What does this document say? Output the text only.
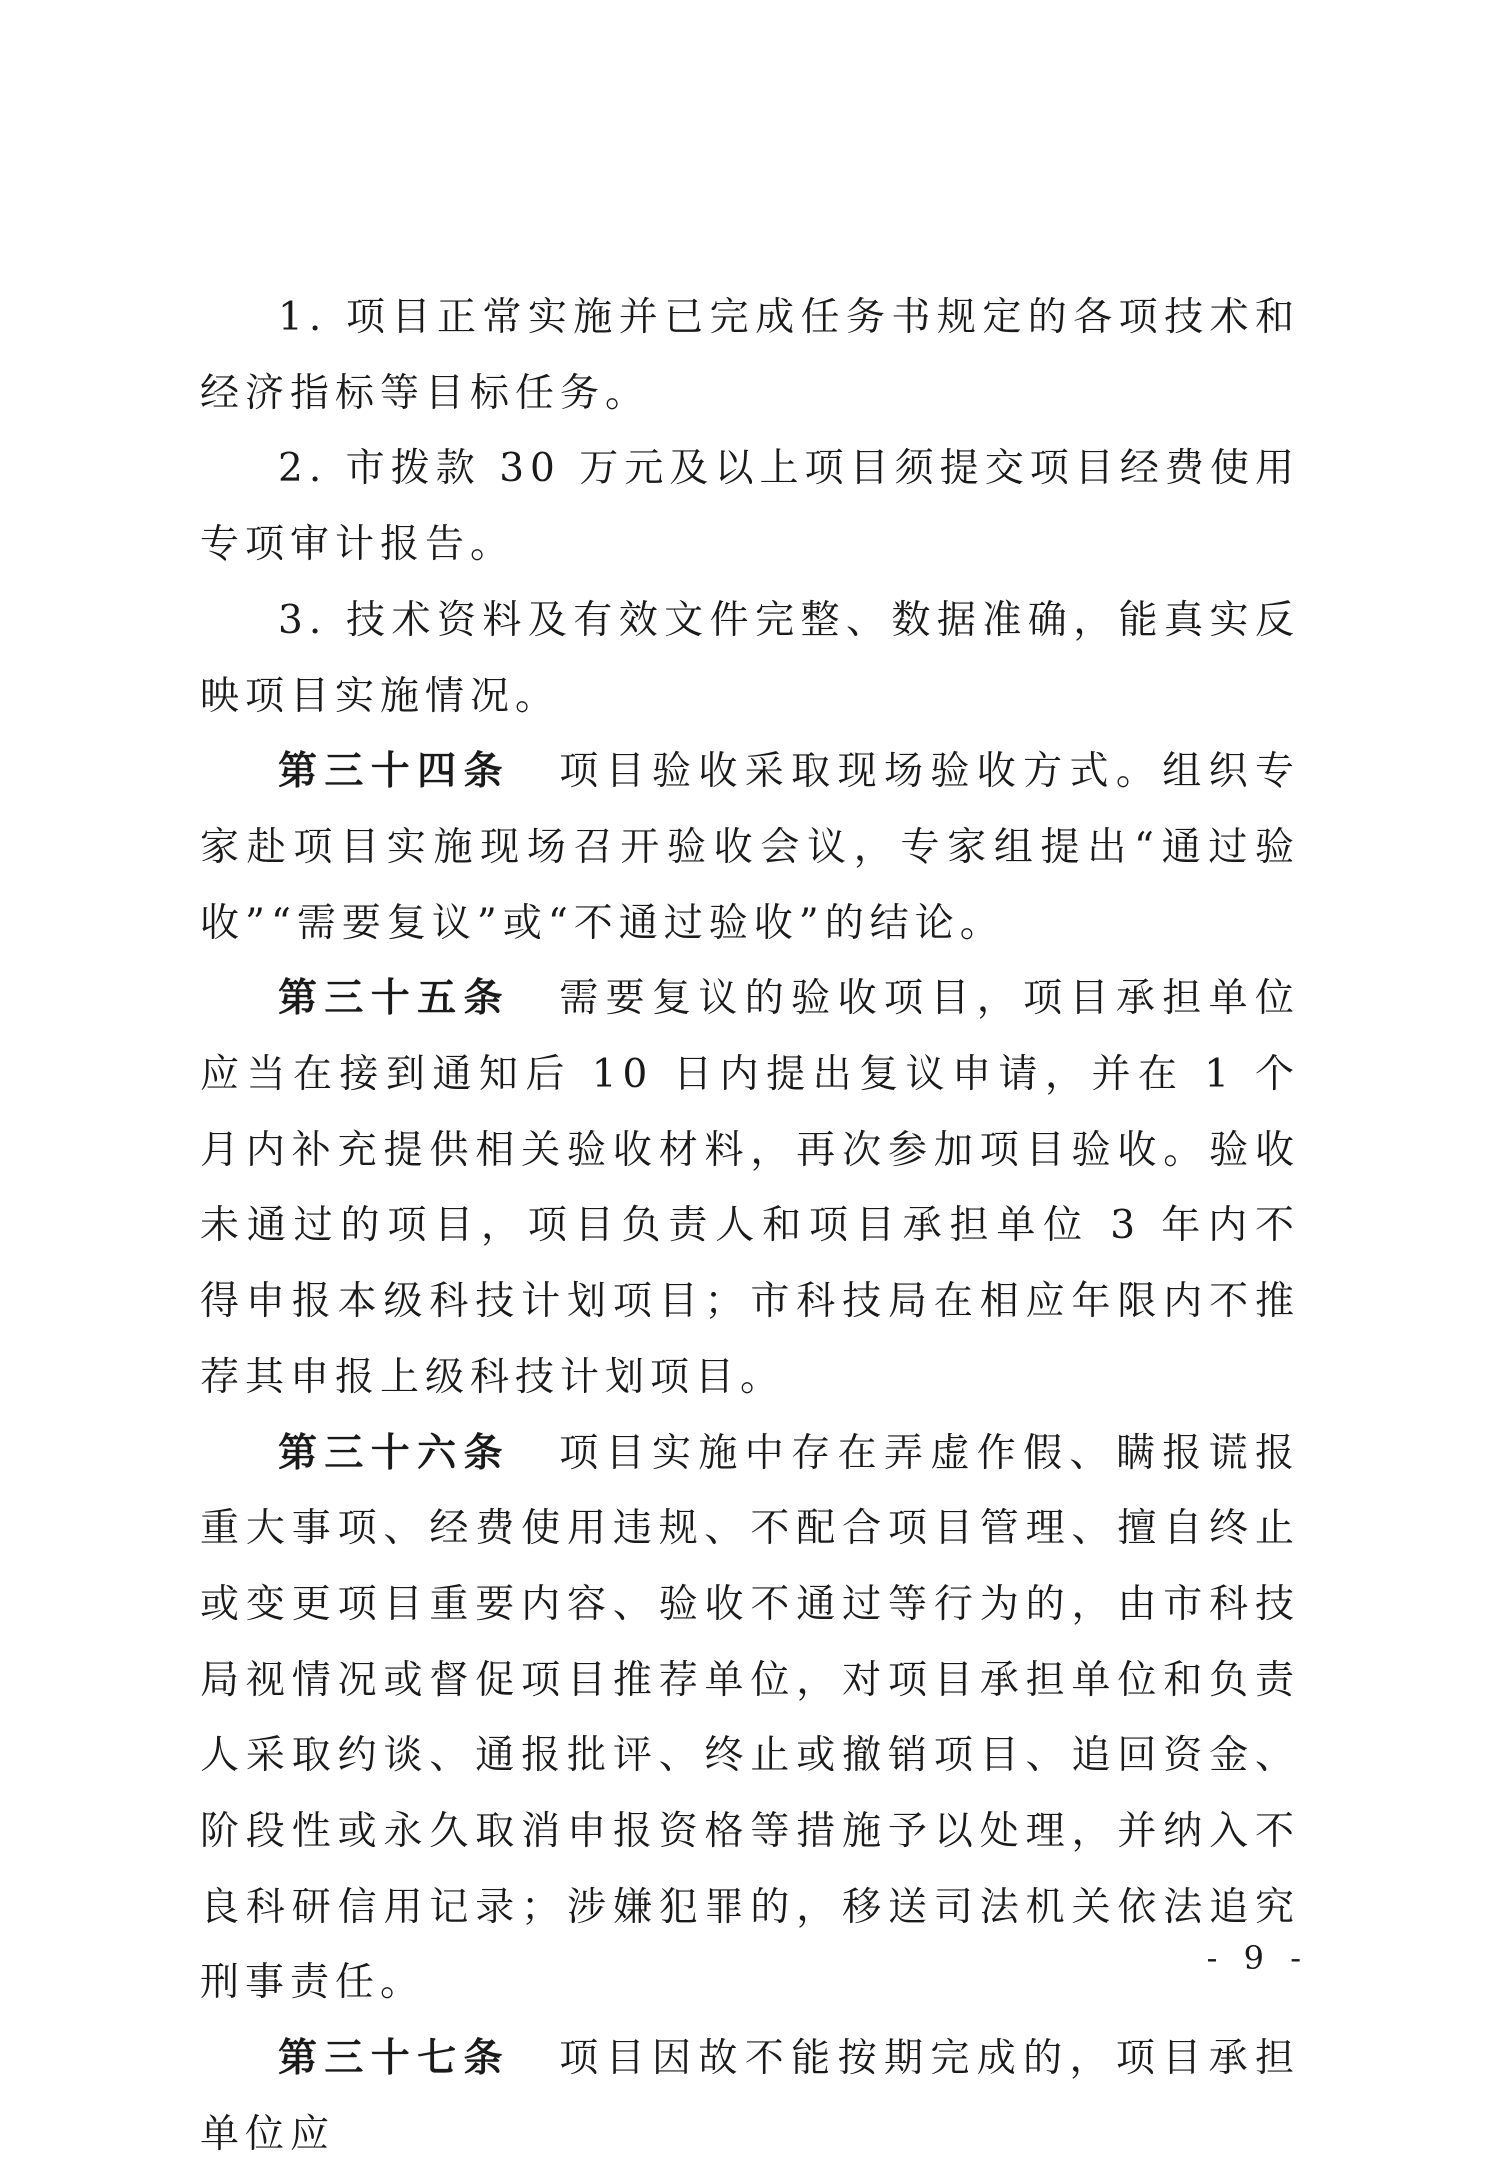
1. 项目正常实施并已完成任务书规定的各项技术和经济指标等目标任务。

2. 市拨款 30 万元及以上项目须提交项目经费使用专项审计报告。

3. 技术资料及有效文件完整、数据准确，能真实反映项目实施情况。

第三十四条 项目验收采取现场验收方式。组织专家赴项目实施现场召开验收会议，专家组提出“通过验收”“需要复议”或“不通过验收”的结论。

第三十五条 需要复议的验收项目，项目承担单位应当在接到通知后 10 日内提出复议申请，并在 1 个月内补充提供相关验收材料，再次参加项目验收。验收未通过的项目，项目负责人和项目承担单位 3 年内不得申报本级科技计划项目；市科技局在相应年限内不推荐其申报上级科技计划项目。

第三十六条 项目实施中存在弄虚作假、瞒报谎报重大事项、经费使用违规、不配合项目管理、擅自终止或变更项目重要内容、验收不通过等行为的，由市科技局视情况或督促项目推荐单位，对项目承担单位和负责人采取约谈、通报批评、终止或撤销项目、追回资金、阶段性或永久取消申报资格等措施予以处理，并纳入不良科研信用记录；涉嫌犯罪的，移送司法机关依法追究刑事责任。

第三十七条 项目因故不能按期完成的，项目承担单位应

- 9 -
